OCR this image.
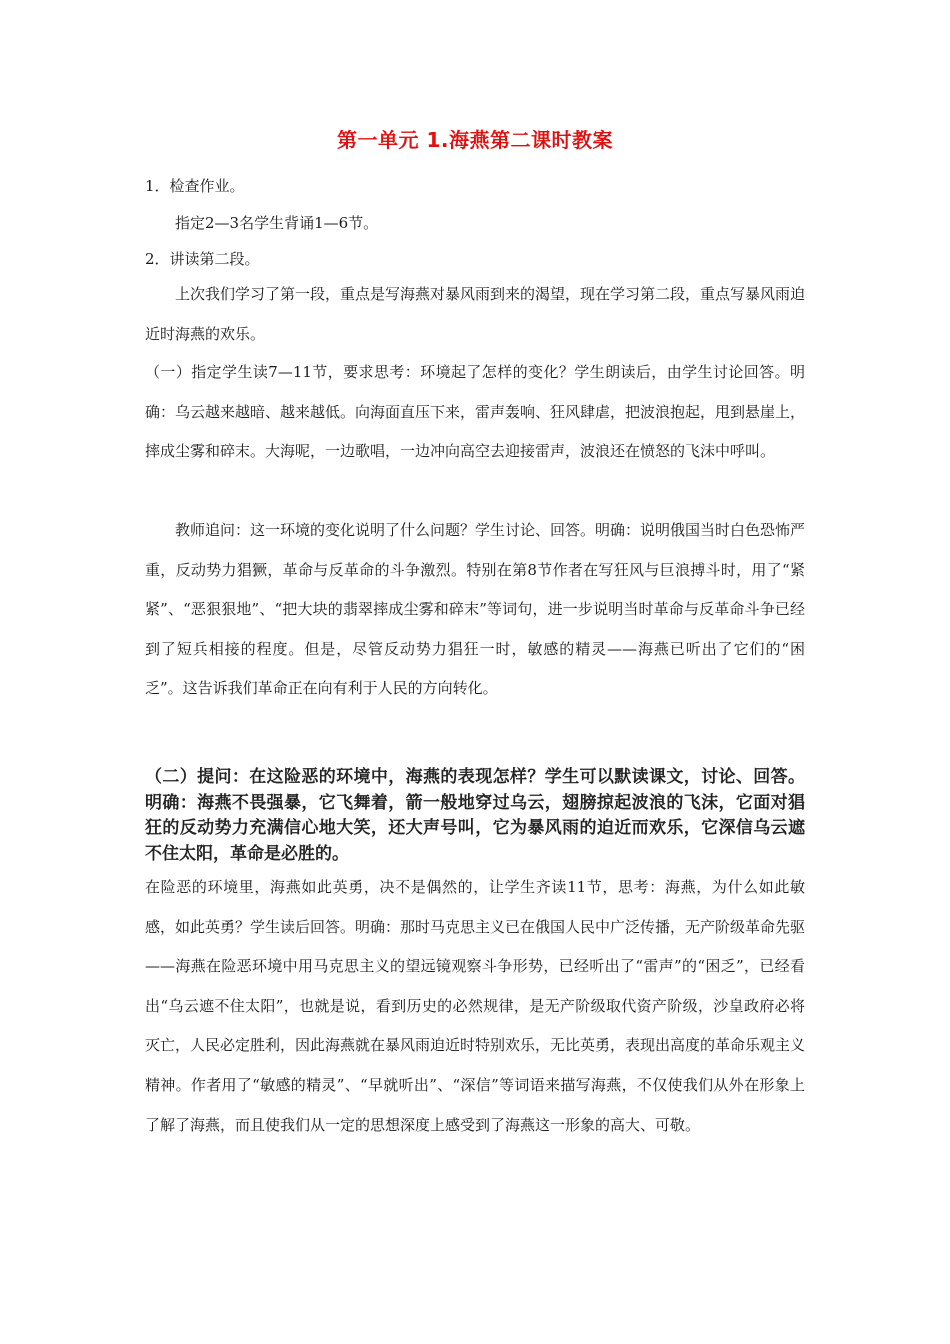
第一单元 1.海燕第二课时教案
1．检查作业。
指定2—3名学生背诵1—6节。
2．讲读第二段。
上次我们学习了第一段，重点是写海燕对暴风雨到来的渴望，现在学习第二段，重点写暴风雨迫近时海燕的欢乐。
（一）指定学生读7—11节，要求思考：环境起了怎样的变化？学生朗读后，由学生讨论回答。明确：乌云越来越暗、越来越低。向海面直压下来，雷声轰响、狂风肆虐，把波浪抱起，甩到悬崖上，摔成尘雾和碎末。大海呢，一边歌唱，一边冲向高空去迎接雷声，波浪还在愤怒的飞沫中呼叫。
教师追问：这一环境的变化说明了什么问题？学生讨论、回答。明确：说明俄国当时白色恐怖严重，反动势力猖獗，革命与反革命的斗争激烈。特别在第8节作者在写狂风与巨浪搏斗时，用了“紧紧”、“恶狠狠地”、“把大块的翡翠摔成尘雾和碎末”等词句，进一步说明当时革命与反革命斗争已经到了短兵相接的程度。但是，尽管反动势力猖狂一时，敏感的精灵——海燕已听出了它们的“困乏”。这告诉我们革命正在向有利于人民的方向转化。
（二）提问：在这险恶的环境中，海燕的表现怎样？学生可以默读课文，讨论、回答。明确：海燕不畏强暴，它飞舞着，箭一般地穿过乌云，翅膀掠起波浪的飞沫，它面对猖狂的反动势力充满信心地大笑，还大声号叫，它为暴风雨的迫近而欢乐，它深信乌云遮不住太阳，革命是必胜的。
在险恶的环境里，海燕如此英勇，决不是偶然的，让学生齐读11节，思考：海燕，为什么如此敏感，如此英勇？学生读后回答。明确：那时马克思主义已在俄国人民中广泛传播，无产阶级革命先驱——海燕在险恶环境中用马克思主义的望远镜观察斗争形势，已经听出了“雷声”的“困乏”，已经看出“乌云遮不住太阳”，也就是说，看到历史的必然规律，是无产阶级取代资产阶级，沙皇政府必将灭亡，人民必定胜利，因此海燕就在暴风雨迫近时特别欢乐，无比英勇，表现出高度的革命乐观主义精神。作者用了“敏感的精灵”、“早就听出”、“深信”等词语来描写海燕，不仅使我们从外在形象上了解了海燕，而且使我们从一定的思想深度上感受到了海燕这一形象的高大、可敬。
